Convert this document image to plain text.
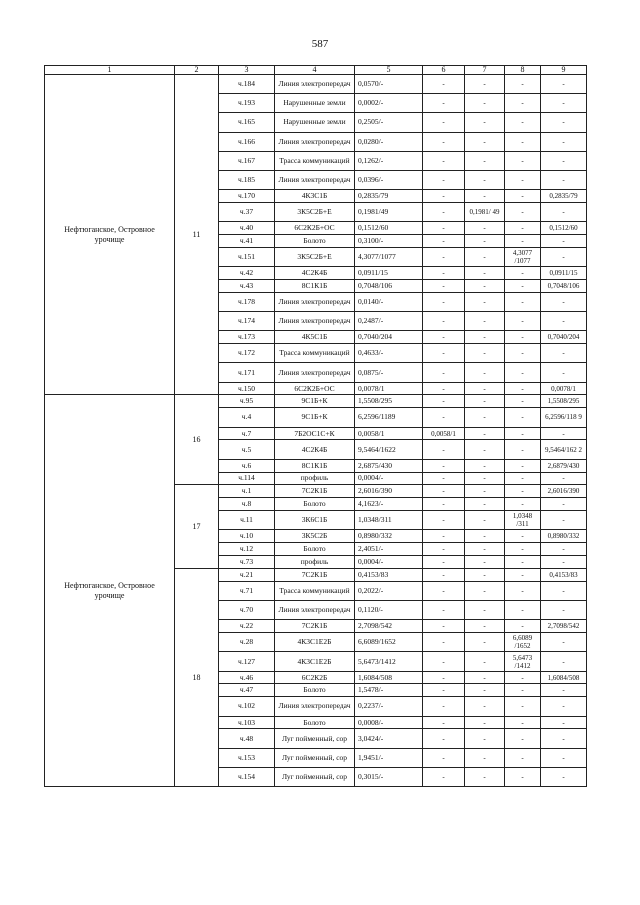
587
1	2	3	4	5	6	7	8	9
Нефтюганское, Островное урочище	11	ч.184	Линия электропередач	0,0570/-	-	-	-	-
		ч.193	Нарушенные земли	0,0002/-	-	-	-	-
		ч.165	Нарушенные земли	0,2505/-	-	-	-	-
		ч.166	Линия электропередач	0,0280/-	-	-	-	-
		ч.167	Трасса коммуникаций	0,1262/-	-	-	-	-
		ч.185	Линия электропередач	0,0396/-	-	-	-	-
		ч.170	4К3С1Б	0,2835/79	-	-	-	0,2835/79
		ч.37	3К5С2Б+Е	0,1981/49	-	0,1981/ 49	-	-
		ч.40	6С2К2Б+ОС	0,1512/60	-	-	-	0,1512/60
		ч.41	Болото	0,3100/-	-	-	-	-
		ч.151	3К5С2Б+Е	4,3077/1077	-	-	4,3077 /1077	-
		ч.42	4С2К4Б	0,0911/15	-	-	-	0,0911/15
		ч.43	8С1К1Б	0,7048/106	-	-	-	0,7048/106
		ч.178	Линия электропередач	0,0140/-	-	-	-	-
		ч.174	Линия электропередач	0,2487/-	-	-	-	-
		ч.173	4К5С1Б	0,7040/204	-	-	-	0,7040/204
		ч.172	Трасса коммуникаций	0,4633/-	-	-	-	-
		ч.171	Линия электропередач	0,0875/-	-	-	-	-
		ч.150	6С2К2Б+ОС	0,0078/1	-	-	-	0,0078/1
Нефтюганское, Островное урочище	16	ч.95	9С1Б+К	1,5508/295	-	-	-	1,5508/295
		ч.4	9С1Б+К	6,2596/1189	-	-	-	6,2596/118 9
		ч.7	7Б2ОС1С+К	0,0058/1	0,0058/1	-	-	-
		ч.5	4С2К4Б	9,5464/1622	-	-	-	9,5464/162 2
		ч.6	8С1К1Б	2,6875/430	-	-	-	2,6879/430
		ч.114	профиль	0,0004/-	-	-	-	-
	17	ч.1	7С2К1Б	2,6016/390	-	-	-	2,6016/390
		ч.8	Болото	4,1623/-	-	-	-	-
		ч.11	3К6С1Б	1,0348/311	-	-	1,0348 /311	-
		ч.10	3К5С2Б	0,8980/332	-	-	-	0,8980/332
		ч.12	Болото	2,4051/-	-	-	-	-
		ч.73	профиль	0,0004/-	-	-	-	-
	18	ч.21	7С2К1Б	0,4153/83	-	-	-	0,4153/83
		ч.71	Трасса коммуникаций	0,2022/-	-	-	-	-
		ч.70	Линия электропередач	0,1120/-	-	-	-	-
		ч.22	7С2К1Б	2,7098/542	-	-	-	2,7098/542
		ч.28	4К3С1Е2Б	6,6089/1652	-	-	6,6089 /1652	-
		ч.127	4К3С1Е2Б	5,6473/1412	-	-	5,6473 /1412	-
		ч.46	6С2К2Б	1,6084/508	-	-	-	1,6084/508
		ч.47	Болото	1,5478/-	-	-	-	-
		ч.102	Линия электропередач	0,2237/-	-	-	-	-
		ч.103	Болото	0,0008/-	-	-	-	-
		ч.48	Луг пойменный, сор	3,0424/-	-	-	-	-
		ч.153	Луг пойменный, сор	1,9451/-	-	-	-	-
		ч.154	Луг пойменный, сор	0,3015/-	-	-	-	-
